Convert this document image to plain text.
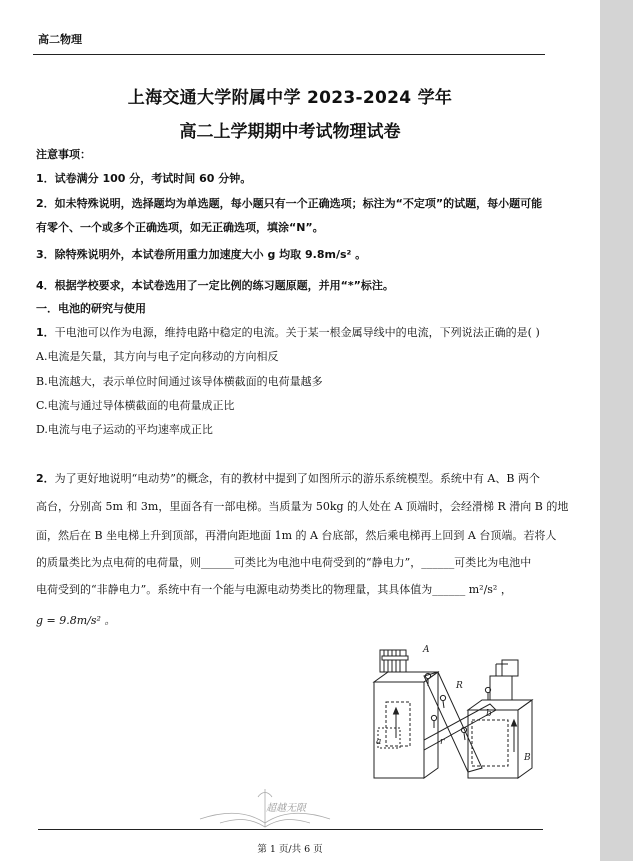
高二物理
上海交通大学附属中学 2023-2024 学年
高二上学期期中考试物理试卷
注意事项：
1．试卷满分 100 分，考试时间 60 分钟。
2．如未特殊说明，选择题均为单选题，每小题只有一个正确选项；标注为“不定项”的试题，每小题可能
有零个、一个或多个正确选项，如无正确选项，填涂“N”。
3．除特殊说明外，本试卷所用重力加速度大小 g 均取 9.8m/s² 。
4．根据学校要求，本试卷选用了一定比例的练习题原题，并用“*”标注。
一．电池的研究与使用
1．干电池可以作为电源，维持电路中稳定的电流。关于某一根金属导线中的电流，下列说法正确的是( )
A.电流是矢量，其方向与电子定向移动的方向相反
B.电流越大，表示单位时间通过该导体横截面的电荷量越多
C.电流与通过导体横截面的电荷量成正比
D.电流与电子运动的平均速率成正比
2．为了更好地说明“电动势”的概念，有的教材中提到了如图所示的游乐系统模型。系统中有 A、B 两个
高台，分别高 5m 和 3m，里面各有一部电梯。当质量为 50kg 的人处在 A 顶端时，会经滑梯 R 滑向 B 的地
面，然后在 B 坐电梯上升到顶部，再滑向距地面 1m 的 A 台底部，然后乘电梯再上回到 A 台顶端。若将人
的质量类比为点电荷的电荷量，则______可类比为电池中电荷受到的“静电力”，______可类比为电池中
电荷受到的“非静电力”。系统中有一个能与电源电动势类比的物理量，其具体值为______ m²/s² ，
g = 9.8m/s² 。
A
R
r
a
b
B
超越无限
第 1 页/共 6 页
